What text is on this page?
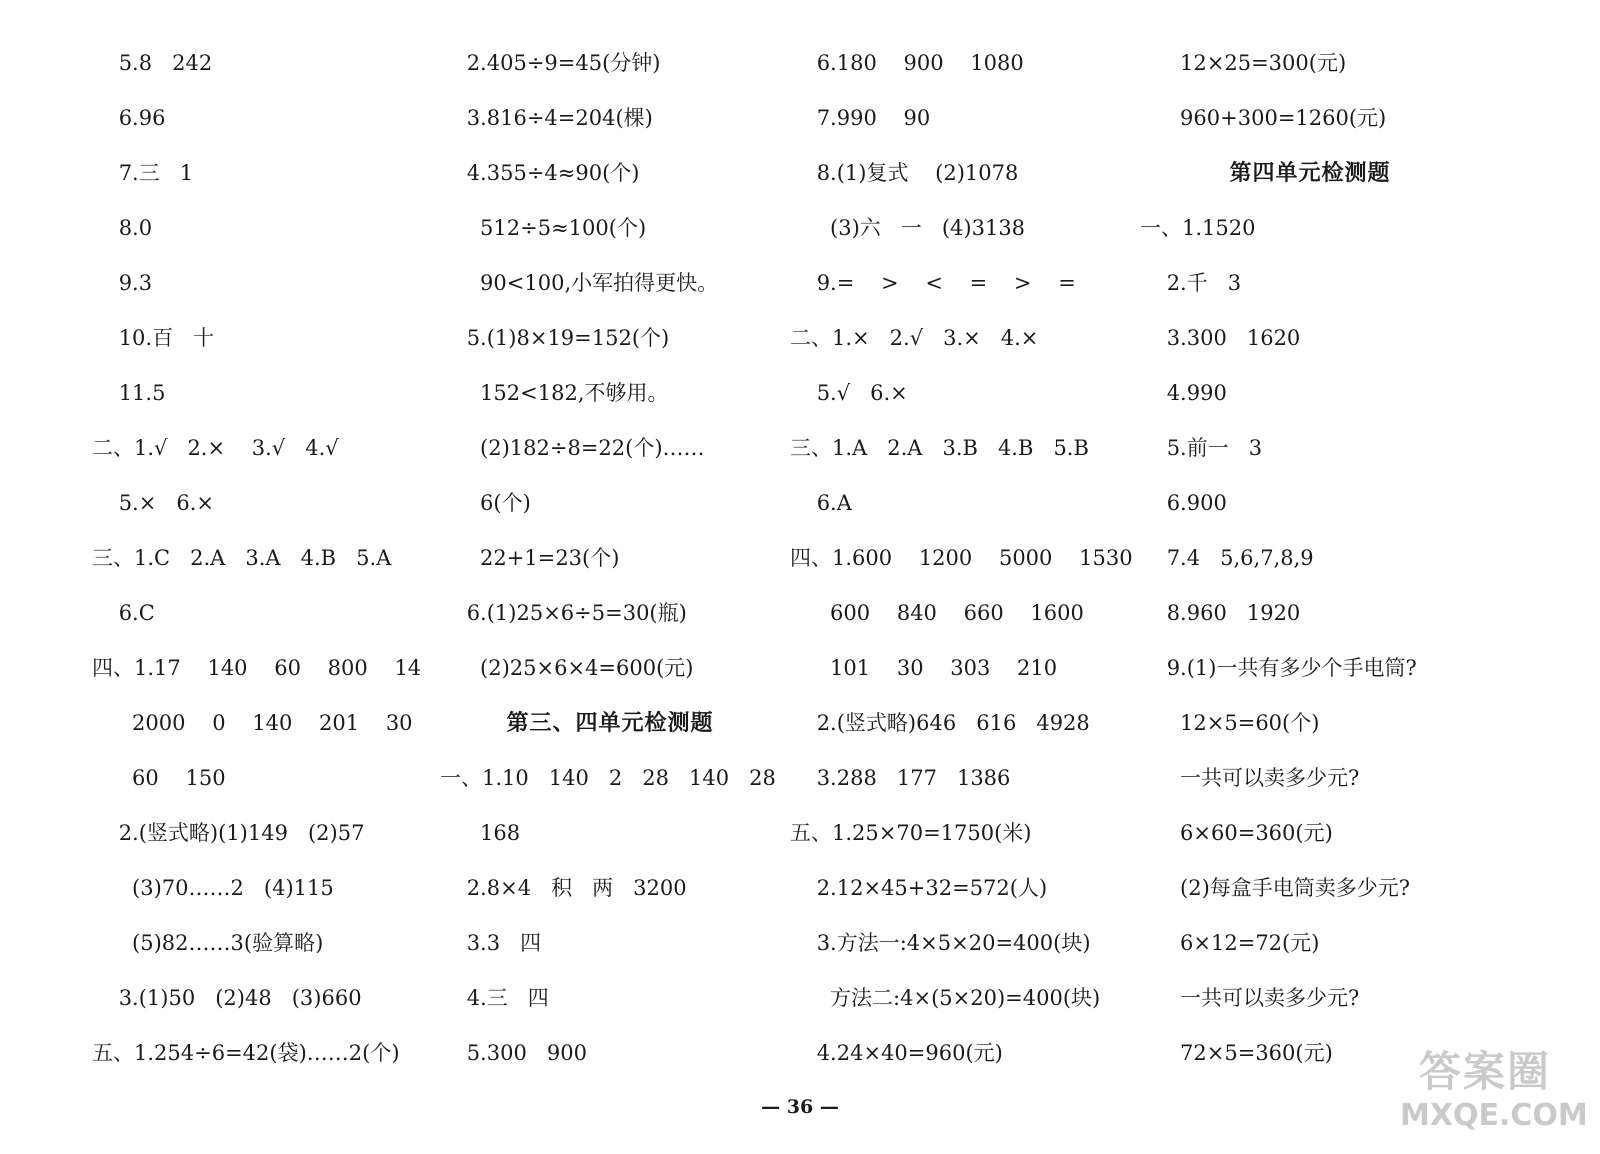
5.8   242
6.96
7.三   1
8.0
9.3
10.百   十
11.5
二、1.√   2.×    3.√   4.√
5.×   6.×
三、1.C   2.A   3.A   4.B   5.A
6.C
四、1.17    140    60    800    14
2000    0    140    201    30
60    150
2.(竖式略)(1)149   (2)57
(3)70……2   (4)115
(5)82……3(验算略)
3.(1)50   (2)48   (3)660
五、1.254÷6=42(袋)……2(个)
2.405÷9=45(分钟)
3.816÷4=204(棵)
4.355÷4≈90(个)
512÷5≈100(个)
90<100,小军拍得更快。
5.(1)8×19=152(个)
152<182,不够用。
(2)182÷8=22(个)……
6(个)
22+1=23(个)
6.(1)25×6÷5=30(瓶)
(2)25×6×4=600(元)
第三、四单元检测题
一、1.10   140   2   28   140   28
168
2.8×4   积   两   3200
3.3   四
4.三   四
5.300   900
6.180    900    1080
7.990    90
8.(1)复式    (2)1078
(3)六   一   (4)3138
9.=    >    <    =    >    =
二、1.×   2.√   3.×   4.×
5.√   6.×
三、1.A   2.A   3.B   4.B   5.B
6.A
四、1.600    1200    5000    1530
600    840    660    1600
101    30    303    210
2.(竖式略)646   616   4928
3.288   177   1386
五、1.25×70=1750(米)
2.12×45+32=572(人)
3.方法一:4×5×20=400(块)
方法二:4×(5×20)=400(块)
4.24×40=960(元)
12×25=300(元)
960+300=1260(元)
第四单元检测题
一、1.1520
2.千   3
3.300   1620
4.990
5.前一   3
6.900
7.4   5,6,7,8,9
8.960   1920
9.(1)一共有多少个手电筒?
12×5=60(个)
一共可以卖多少元?
6×60=360(元)
(2)每盒手电筒卖多少元?
6×12=72(元)
一共可以卖多少元?
72×5=360(元)
— 36 —
答案圈
MXQE.COM
